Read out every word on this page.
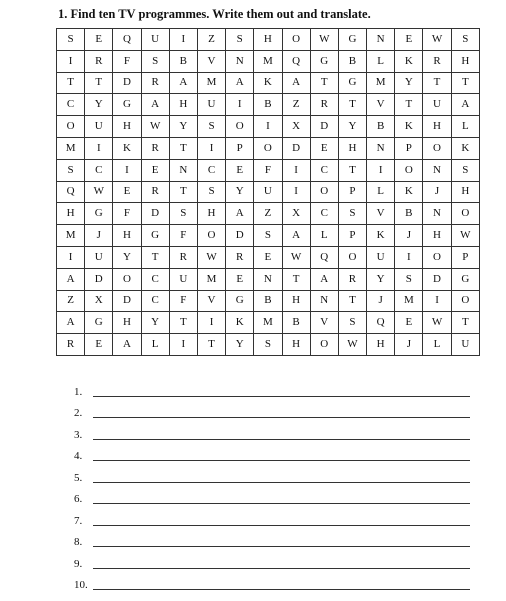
1. Find ten TV programmes. Write them out and translate.
S	E	Q	U	I	Z	S	H	O	W	G	N	E	W	S
I	R	F	S	B	V	N	M	Q	G	B	L	K	R	H
T	T	D	R	A	M	A	K	A	T	G	M	Y	T	T
C	Y	G	A	H	U	I	B	Z	R	T	V	T	U	A
O	U	H	W	Y	S	O	I	X	D	Y	B	K	H	L
M	I	K	R	T	I	P	O	D	E	H	N	P	O	K
S	C	I	E	N	C	E	F	I	C	T	I	O	N	S
Q	W	E	R	T	S	Y	U	I	O	P	L	K	J	H
H	G	F	D	S	H	A	Z	X	C	S	V	B	N	O
M	J	H	G	F	O	D	S	A	L	P	K	J	H	W
I	U	Y	T	R	W	R	E	W	Q	O	U	I	O	P
A	D	O	C	U	M	E	N	T	A	R	Y	S	D	G
Z	X	D	C	F	V	G	B	H	N	T	J	M	I	O
A	G	H	Y	T	I	K	M	B	V	S	Q	E	W	T
R	E	A	L	I	T	Y	S	H	O	W	H	J	L	U
1.
2.
3.
4.
5.
6.
7.
8.
9.
10.
